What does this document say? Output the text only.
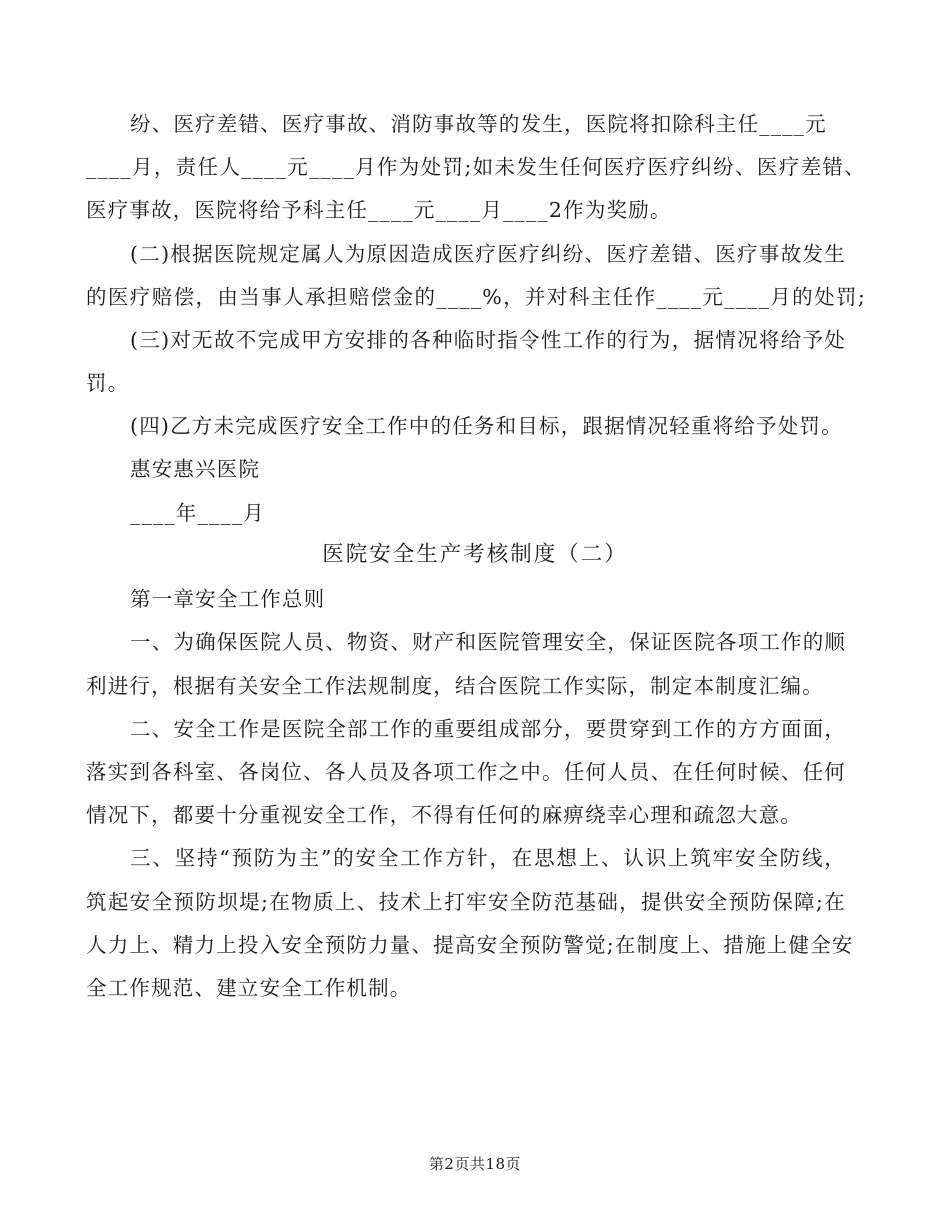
纷、医疗差错、医疗事故、消防事故等的发生，医院将扣除科主任____元
____月，责任人____元____月作为处罚;如未发生任何医疗医疗纠纷、医疗差错、
医疗事故，医院将给予科主任____元____月____2作为奖励。
(二)根据医院规定属人为原因造成医疗医疗纠纷、医疗差错、医疗事故发生
的医疗赔偿，由当事人承担赔偿金的____%，并对科主任作____元____月的处罚;
(三)对无故不完成甲方安排的各种临时指令性工作的行为，据情况将给予处
罚。
(四)乙方未完成医疗安全工作中的任务和目标，跟据情况轻重将给予处罚。
惠安惠兴医院
____年____月
医院安全生产考核制度（二）
第一章安全工作总则
一、为确保医院人员、物资、财产和医院管理安全，保证医院各项工作的顺
利进行，根据有关安全工作法规制度，结合医院工作实际，制定本制度汇编。
二、安全工作是医院全部工作的重要组成部分，要贯穿到工作的方方面面，
落实到各科室、各岗位、各人员及各项工作之中。任何人员、在任何时候、任何
情况下，都要十分重视安全工作，不得有任何的麻痹绕幸心理和疏忽大意。
三、坚持“预防为主”的安全工作方针，在思想上、认识上筑牢安全防线，
筑起安全预防坝堤;在物质上、技术上打牢安全防范基础，提供安全预防保障;在
人力上、精力上投入安全预防力量、提高安全预防警觉;在制度上、措施上健全安
全工作规范、建立安全工作机制。
第2页共18页
